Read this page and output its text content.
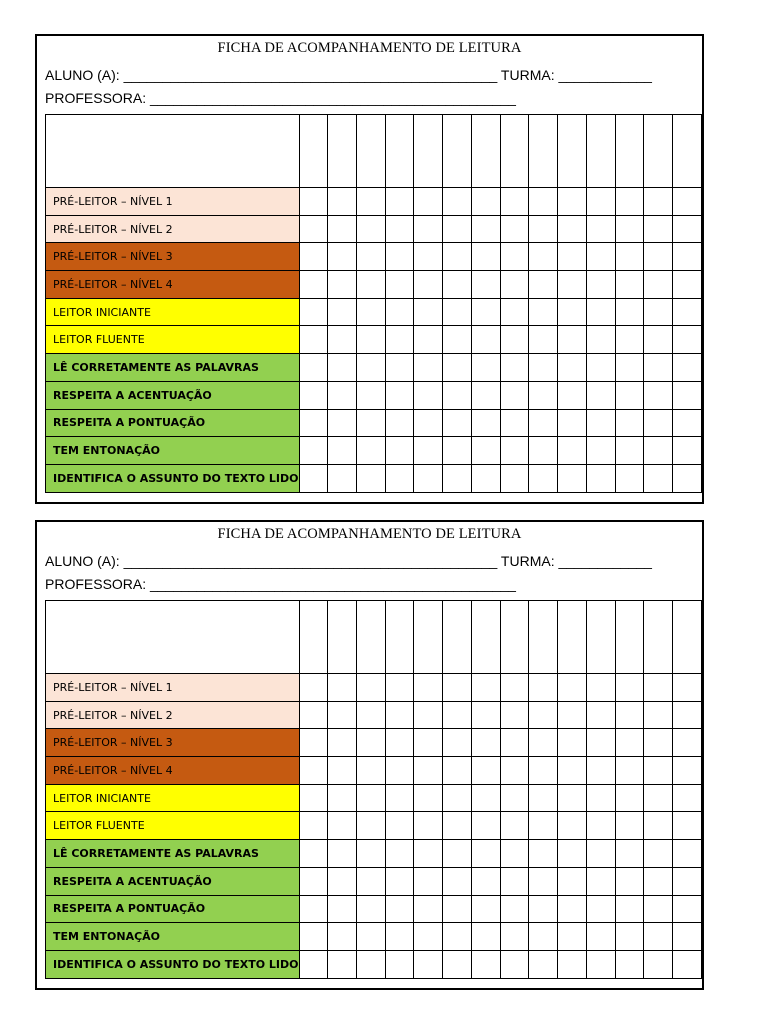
FICHA DE ACOMPANHAMENTO DE LEITURA
ALUNO (A): ________________________________________________ TURMA: ____________
PROFESSORA: _______________________________________________

PRÉ-LEITOR – NÍVEL 1														
PRÉ-LEITOR – NÍVEL 2														
PRÉ-LEITOR – NÍVEL 3														
PRÉ-LEITOR – NÍVEL 4														
LEITOR INICIANTE														
LEITOR FLUENTE														
LÊ CORRETAMENTE AS PALAVRAS														
RESPEITA A ACENTUAÇÃO														
RESPEITA A PONTUAÇÃO														
TEM ENTONAÇÃO														
IDENTIFICA O ASSUNTO DO TEXTO LIDO														
FICHA DE ACOMPANHAMENTO DE LEITURA
ALUNO (A): ________________________________________________ TURMA: ____________
PROFESSORA: _______________________________________________

PRÉ-LEITOR – NÍVEL 1														
PRÉ-LEITOR – NÍVEL 2														
PRÉ-LEITOR – NÍVEL 3														
PRÉ-LEITOR – NÍVEL 4														
LEITOR INICIANTE														
LEITOR FLUENTE														
LÊ CORRETAMENTE AS PALAVRAS														
RESPEITA A ACENTUAÇÃO														
RESPEITA A PONTUAÇÃO														
TEM ENTONAÇÃO														
IDENTIFICA O ASSUNTO DO TEXTO LIDO														
